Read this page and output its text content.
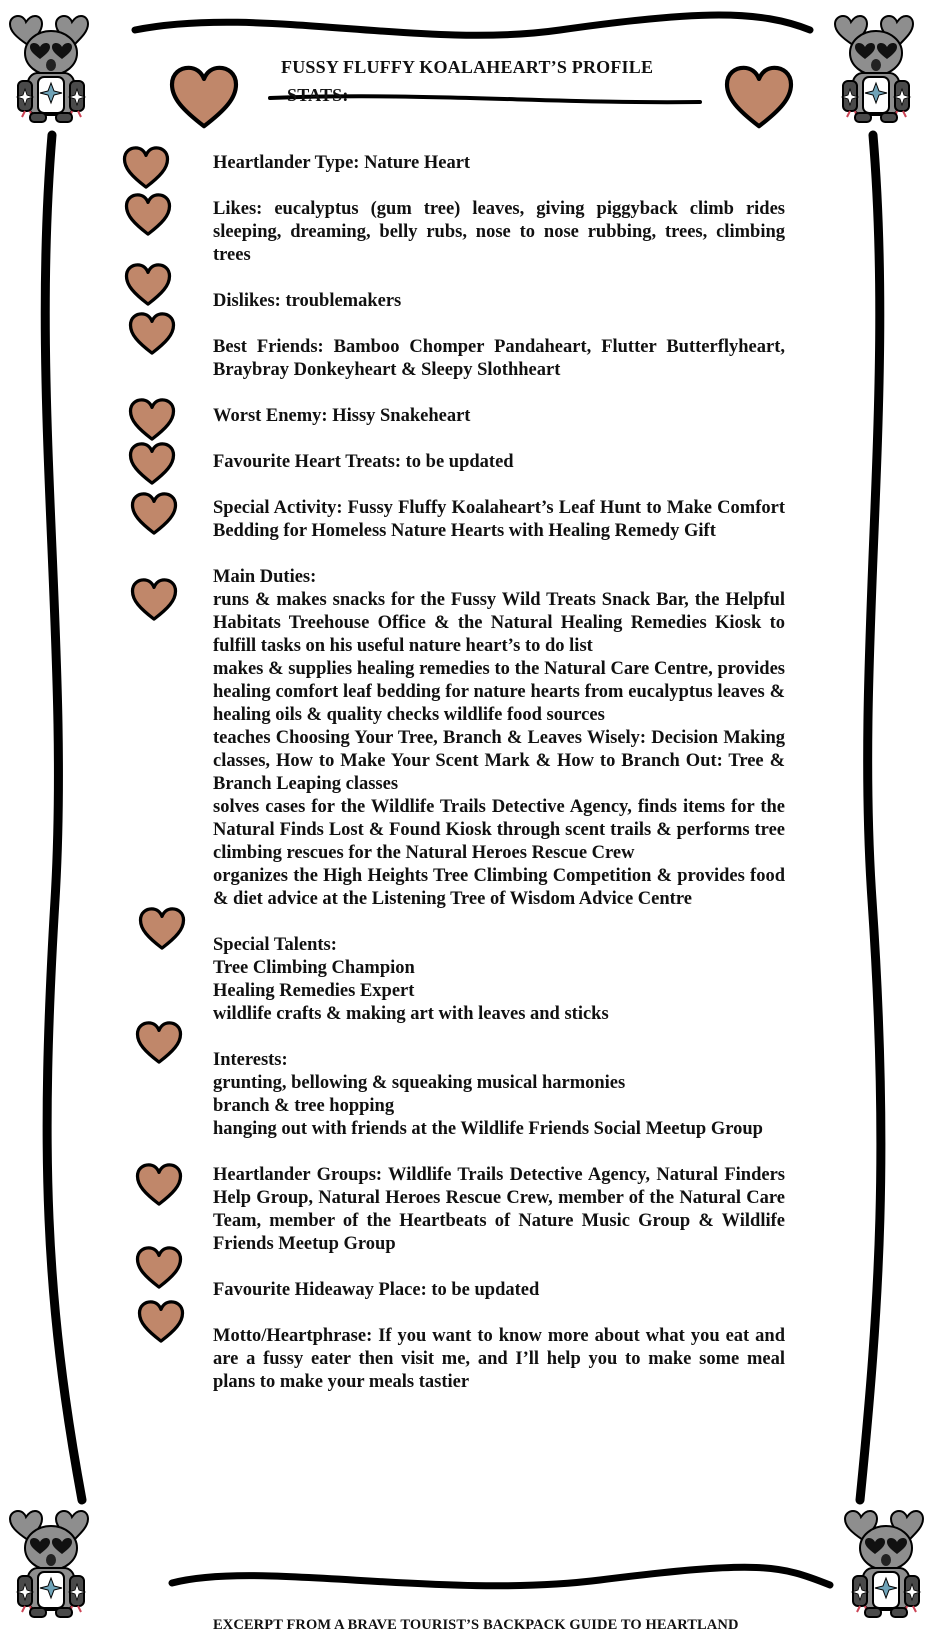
FUSSY FLUFFY KOALAHEART’S PROFILE
STATS:

Heartlander Type: Nature Heart

Likes: eucalyptus (gum tree) leaves, giving piggyback climb rides sleeping, dreaming, belly rubs, nose to nose rubbing, trees, climbing trees

Dislikes: troublemakers

Best Friends: Bamboo Chomper Pandaheart, Flutter Butterflyheart, Braybray Donkeyheart & Sleepy Slothheart

Worst Enemy: Hissy Snakeheart

Favourite Heart Treats: to be updated

Special Activity: Fussy Fluffy Koalaheart’s Leaf Hunt to Make Comfort Bedding for Homeless Nature Hearts with Healing Remedy Gift

Main Duties:

runs & makes snacks for the Fussy Wild Treats Snack Bar, the Helpful Habitats Treehouse Office & the Natural Healing Remedies Kiosk to fulfill tasks on his useful nature heart’s to do list

makes & supplies healing remedies to the Natural Care Centre, provides healing comfort leaf bedding for nature hearts from eucalyptus leaves & healing oils & quality checks wildlife food sources

teaches Choosing Your Tree, Branch & Leaves Wisely: Decision Making classes, How to Make Your Scent Mark & How to Branch Out: Tree & Branch Leaping classes

solves cases for the Wildlife Trails Detective Agency, finds items for the Natural Finds Lost & Found Kiosk through scent trails & performs tree climbing rescues for the Natural Heroes Rescue Crew

organizes the High Heights Tree Climbing Competition & provides food & diet advice at the Listening Tree of Wisdom Advice Centre

Special Talents:

Tree Climbing Champion

Healing Remedies Expert

wildlife crafts & making art with leaves and sticks

Interests:

grunting, bellowing & squeaking musical harmonies

branch & tree hopping

hanging out with friends at the Wildlife Friends Social Meetup Group

Heartlander Groups: Wildlife Trails Detective Agency, Natural Finders Help Group, Natural Heroes Rescue Crew, member of the Natural Care Team, member of the Heartbeats of Nature Music Group & Wildlife Friends Meetup Group

Favourite Hideaway Place: to be updated

Motto/Heartphrase: If you want to know more about what you eat and are a fussy eater then visit me, and I’ll help you to make some meal plans to make your meals tastier

EXCERPT FROM A BRAVE TOURIST’S BACKPACK GUIDE TO HEARTLAND
